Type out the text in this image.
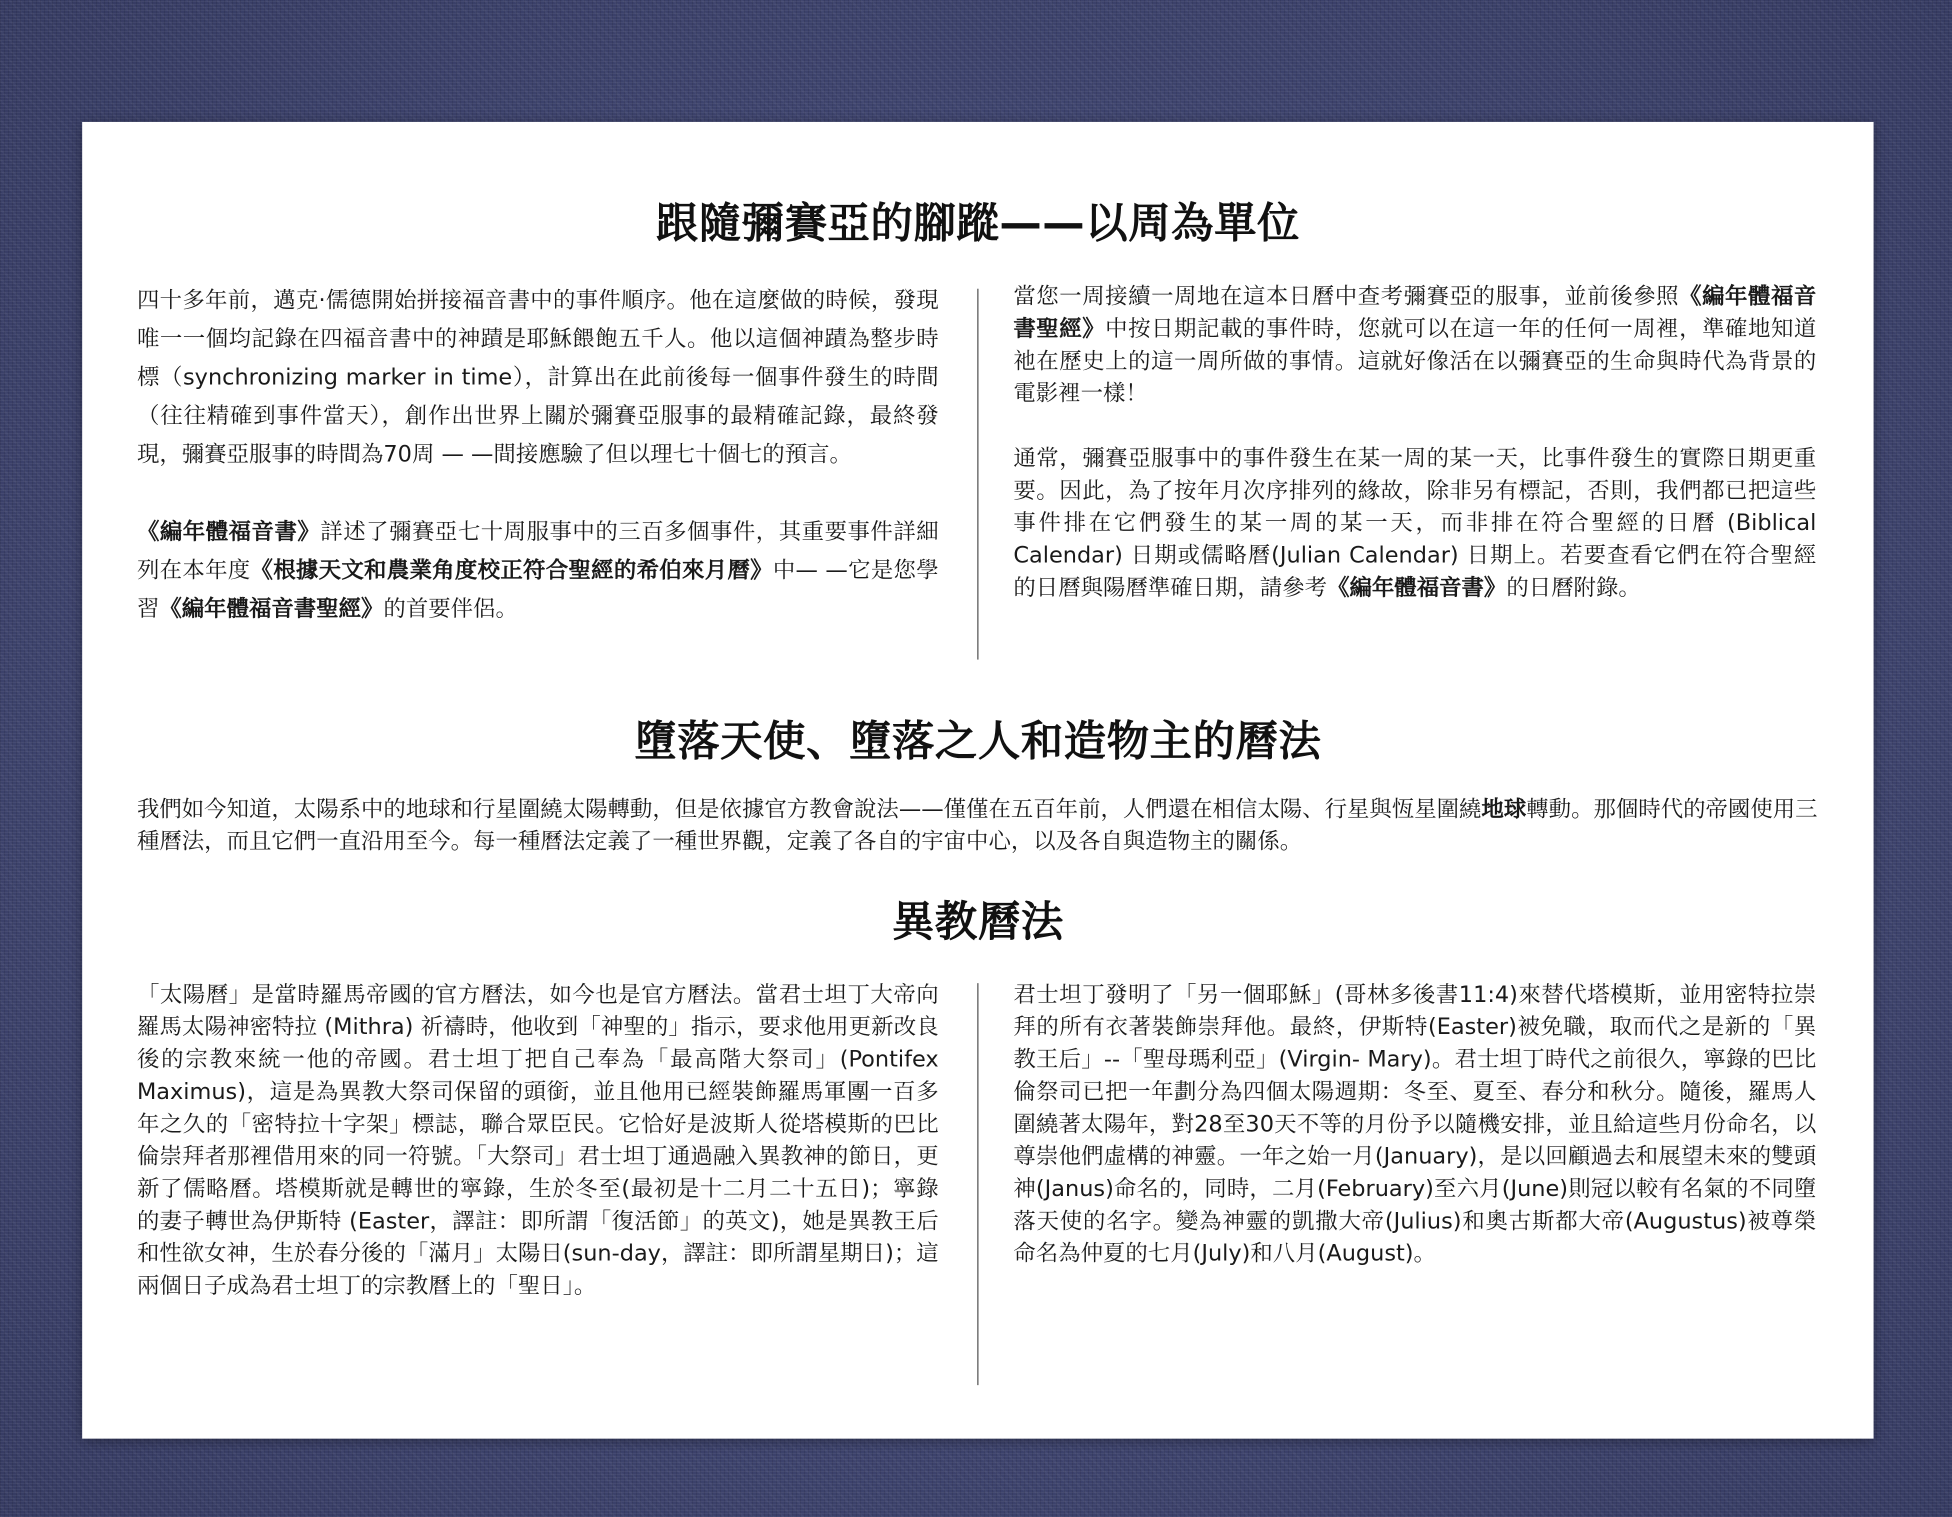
跟隨彌賽亞的腳蹤——以周為單位

四十多年前，邁克·儒德開始拼接福音書中的事件順序。他在這麼做的時候，發現唯一一個均記錄在四福音書中的神蹟是耶穌餵飽五千人。他以這個神蹟為整步時標（synchronizing marker in time），計算出在此前後每一個事件發生的時間（往往精確到事件當天），創作出世界上關於彌賽亞服事的最精確記錄，最終發現，彌賽亞服事的時間為70周 — —間接應驗了但以理七十個七的預言。

《編年體福音書》詳述了彌賽亞七十周服事中的三百多個事件，其重要事件詳細列在本年度《根據天文和農業角度校正符合聖經的希伯來月曆》中— —它是您學習《編年體福音書聖經》的首要伴侶。

當您一周接續一周地在這本日曆中查考彌賽亞的服事，並前後參照《編年體福音書聖經》中按日期記載的事件時，您就可以在這一年的任何一周裡，準確地知道祂在歷史上的這一周所做的事情。這就好像活在以彌賽亞的生命與時代為背景的電影裡一樣！

通常，彌賽亞服事中的事件發生在某一周的某一天，比事件發生的實際日期更重要。因此，為了按年月次序排列的緣故，除非另有標記，否則，我們都已把這些事件排在它們發生的某一周的某一天，而非排在符合聖經的日曆 (Biblical Calendar) 日期或儒略曆(Julian Calendar) 日期上。若要查看它們在符合聖經的日曆與陽曆準確日期，請參考《編年體福音書》的日曆附錄。

墮落天使、墮落之人和造物主的曆法

我們如今知道，太陽系中的地球和行星圍繞太陽轉動，但是依據官方教會說法——僅僅在五百年前，人們還在相信太陽、行星與恆星圍繞地球轉動。那個時代的帝國使用三種曆法，而且它們一直沿用至今。每一種曆法定義了一種世界觀，定義了各自的宇宙中心，以及各自與造物主的關係。

異教曆法

「太陽曆」是當時羅馬帝國的官方曆法，如今也是官方曆法。當君士坦丁大帝向羅馬太陽神密特拉 (Mithra) 祈禱時，他收到「神聖的」指示，要求他用更新改良後的宗教來統一他的帝國。君士坦丁把自己奉為「最高階大祭司」(Pontifex Maximus)，這是為異教大祭司保留的頭銜，並且他用已經裝飾羅馬軍團一百多年之久的「密特拉十字架」標誌，聯合眾臣民。它恰好是波斯人從塔模斯的巴比倫崇拜者那裡借用來的同一符號。「大祭司」君士坦丁通過融入異教神的節日，更新了儒略曆。塔模斯就是轉世的寧錄，生於冬至(最初是十二月二十五日)；寧錄的妻子轉世為伊斯特 (Easter，譯註：即所謂「復活節」的英文)，她是異教王后和性欲女神，生於春分後的「滿月」太陽日(sun-day，譯註：即所謂星期日)；這兩個日子成為君士坦丁的宗教曆上的「聖日」。

君士坦丁發明了「另一個耶穌」(哥林多後書11:4)來替代塔模斯，並用密特拉崇拜的所有衣著裝飾崇拜他。最終，伊斯特(Easter)被免職，取而代之是新的「異教王后」--「聖母瑪利亞」(Virgin- Mary)。君士坦丁時代之前很久，寧錄的巴比倫祭司已把一年劃分為四個太陽週期：冬至、夏至、春分和秋分。隨後，羅馬人圍繞著太陽年，對28至30天不等的月份予以隨機安排，並且給這些月份命名，以尊崇他們虛構的神靈。一年之始一月(January)，是以回顧過去和展望未來的雙頭神(Janus)命名的，同時，二月(February)至六月(June)則冠以較有名氣的不同墮落天使的名字。變為神靈的凱撒大帝(Julius)和奧古斯都大帝(Augustus)被尊榮命名為仲夏的七月(July)和八月(August)。
